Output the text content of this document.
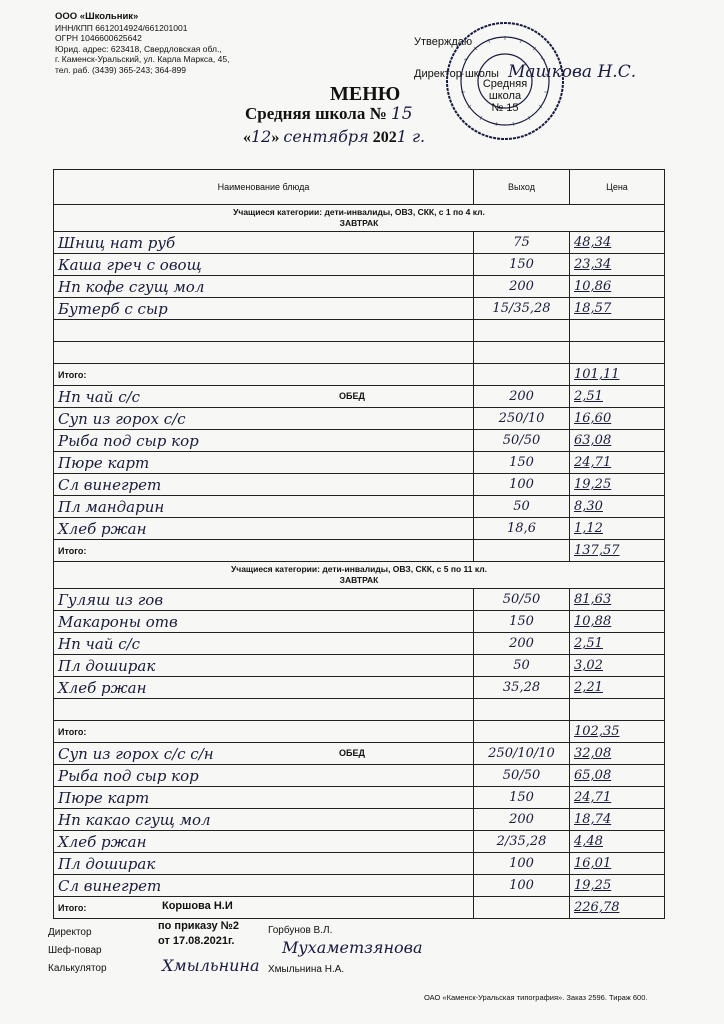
ООО «Школьник»
ИНН/КПП 6612014924/661201001
ОГРН 1046600625642
Юрид. адрес: 623418, Свердловская обл.,
г. Каменск-Уральский, ул. Карла Маркса, 45,
тел. раб. (3439) 365-243; 364-899
Утверждаю
Директор школы Машкова Н.С.
Средняя
школа
№ 15
МЕНЮ
Средняя школа № 15
«12» сентября 2021 г.
Наименование блюда	Выход	Цена

Учащиеся категории: дети-инвалиды, ОВЗ, СКК, с 1 по 4 кл.
ЗАВТРАК		

Шниц нат руб	75	48,34
Каша греч с овощ	150	23,34
Нп кофе сгущ мол	200	10,86
Бутерб с сыр	15/35,28	18,57

Итого:		101,11
Нп чай с/с ОБЕД	200	2,51
Суп из горох с/с	250/10	16,60
Рыба под сыр кор	50/50	63,08
Пюре карт	150	24,71
Сл винегрет	100	19,25
Пл мандарин	50	8,30
Хлеб ржан	18,6	1,12
Итого:		137,57

Учащиеся категории: дети-инвалиды, ОВЗ, СКК, с 5 по 11 кл.
ЗАВТРАК		

Гуляш из гов	50/50	81,63
Макароны отв	150	10,88
Нп чай с/с	200	2,51
Пл доширак	50	3,02
Хлеб ржан	35,28	2,21

Итого:		102,35
Суп из горох с/с с/н ОБЕД	250/10/10	32,08
Рыба под сыр кор	50/50	65,08
Пюре карт	150	24,71
Нп какао сгущ мол	200	18,74
Хлеб ржан	2/35,28	4,48
Пл доширак	100	16,01
Сл винегрет	100	19,25
Итого:		226,78
Коршова Н.И
по приказу №2
от 17.08.2021г.
Директор	Горбунов В.Л.
Шеф-повар	Мухаметзянова
Калькулятор	Хмыльнина Хмыльнина Н.А.
ОАО «Каменск-Уральская типография». Заказ 2596. Тираж 600.
